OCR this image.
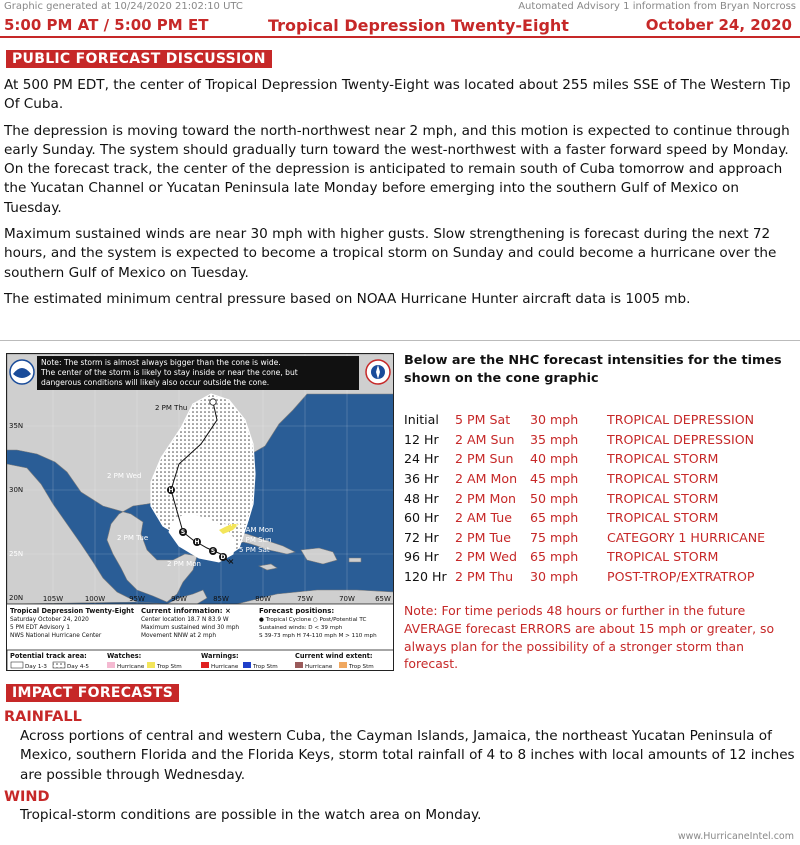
Graphic generated at 10/24/2020 21:02:10 UTC	Automated Advisory 1 information from Bryan Norcross
5:00 PM AT / 5:00 PM ET	Tropical Depression Twenty-Eight	October 24, 2020
PUBLIC FORECAST DISCUSSION

At 500 PM EDT, the center of Tropical Depression Twenty-Eight was located about 255 miles SSE of The Western Tip Of Cuba.

The depression is moving toward the north-northwest near 2 mph, and this motion is expected to continue through early Sunday. The system should gradually turn toward the west-northwest with a faster forward speed by Monday. On the forecast track, the center of the depression is anticipated to remain south of Cuba tomorrow and approach the Yucatan Channel or Yucatan Peninsula late Monday before emerging into the southern Gulf of Mexico on Tuesday.

Maximum sustained winds are near 30 mph with higher gusts. Slow strengthening is forecast during the next 72 hours, and the system is expected to become a tropical storm on Sunday and could become a hurricane over the southern Gulf of Mexico on Tuesday.

The estimated minimum central pressure based on NOAA Hurricane Hunter aircraft data is 1005 mb.

H
S
H
S
D ×
2 PM Thu
2 PM Wed
2 PM Tue
2 AM Tue
2 AM Mon
2 PM Mon
2 PM Sun
5 PM Sat
35N
30N
25N
20N	105W	100W	95W	90W	85W	80W	75W	70W	65W
Note: The storm is almost always bigger than the cone is wide.
The center of the storm is likely to stay inside or near the cone, but
dangerous conditions will likely also occur outside the cone.
Tropical Depression Twenty-Eight
Saturday October 24, 2020
5 PM EDT Advisory 1
NWS National Hurricane Center
Current information: ×
Center location 18.7 N 83.9 W
Maximum sustained wind 30 mph
Movement NNW at 2 mph
Forecast positions:
● Tropical Cyclone ○ Post/Potential TC
Sustained winds: D < 39 mph
S 39-73 mph H 74-110 mph M > 110 mph
Potential track area:
Day 1-3	Day 4-5
Watches:
Hurricane Trop Stm
Warnings:
Hurricane	Trop Stm
Current wind extent:
Hurricane	Trop Stm
Below are the NHC forecast intensities for the times shown on the cone graphic
Initial	5 PM Sat	30 mph	TROPICAL DEPRESSION
12 Hr	2 AM Sun	35 mph	TROPICAL DEPRESSION
24 Hr	2 PM Sun	40 mph	TROPICAL STORM
36 Hr	2 AM Mon	45 mph	TROPICAL STORM
48 Hr	2 PM Mon	50 mph	TROPICAL STORM
60 Hr	2 AM Tue	65 mph	TROPICAL STORM
72 Hr	2 PM Tue	75 mph	CATEGORY 1 HURRICANE
96 Hr	2 PM Wed	65 mph	TROPICAL STORM
120 Hr	2 PM Thu	30 mph	POST-TROP/EXTRATROP
Note: For time periods 48 hours or further in the future AVERAGE forecast ERRORS are about 15 mph or greater, so always plan for the possibility of a stronger storm than forecast.
IMPACT FORECASTS
RAINFALL
Across portions of central and western Cuba, the Cayman Islands, Jamaica, the northeast Yucatan Peninsula of Mexico, southern Florida and the Florida Keys, storm total rainfall of 4 to 8 inches with local amounts of 12 inches are possible through Wednesday.
WIND
Tropical-storm conditions are possible in the watch area on Monday.
www.HurricaneIntel.com
